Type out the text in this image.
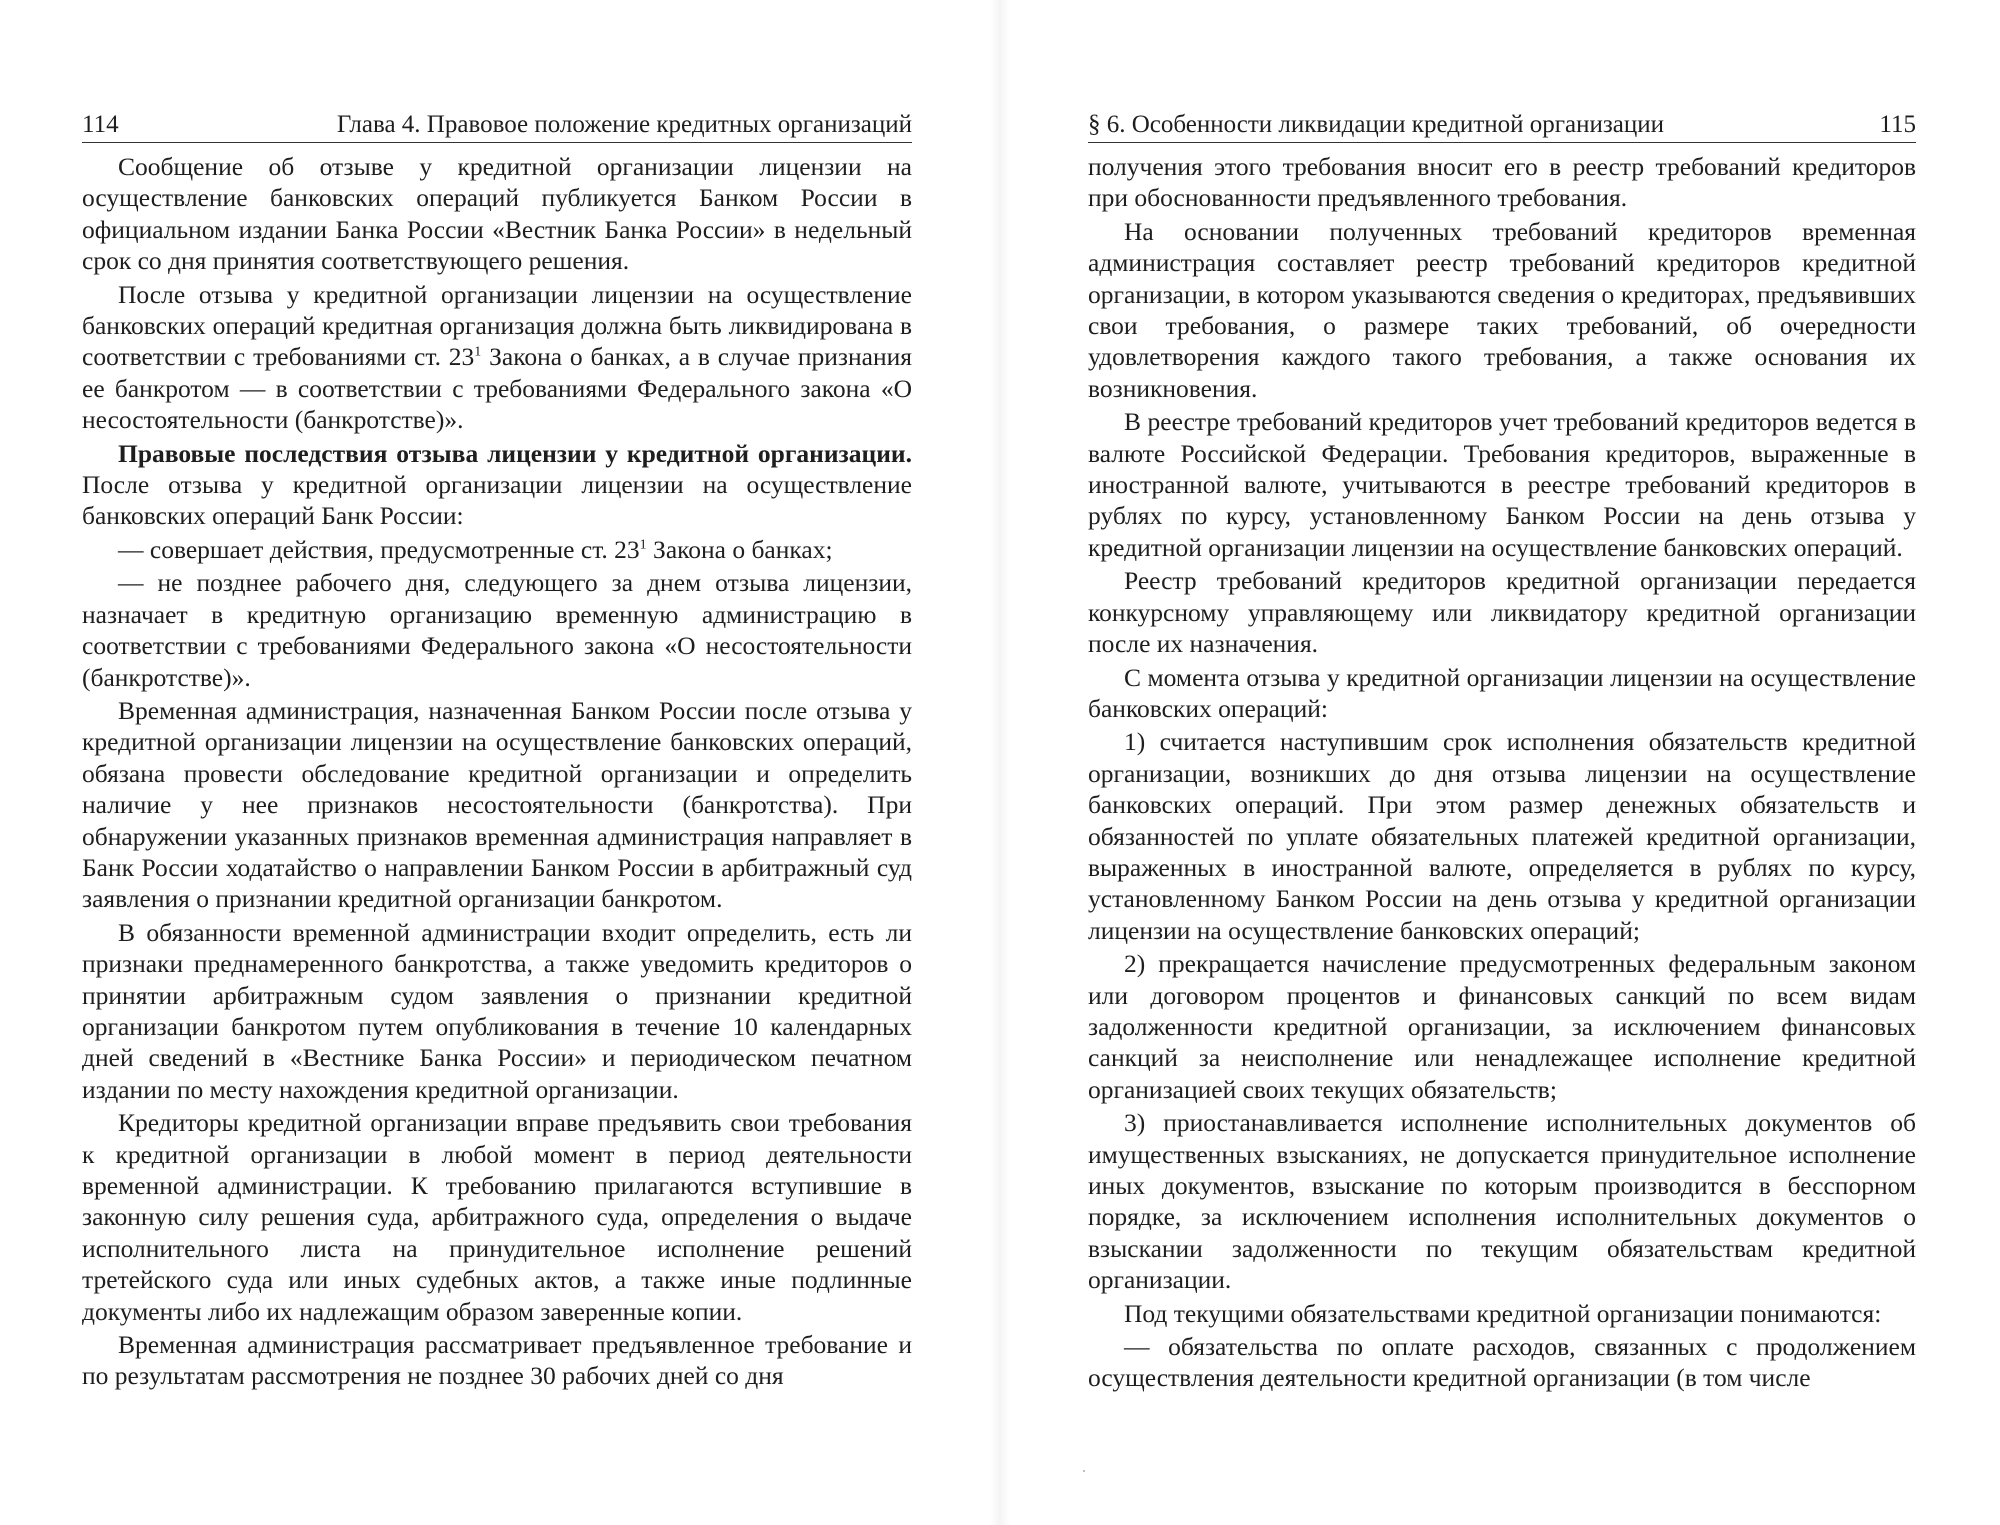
114	Глава 4. Правовое положение кредитных организаций

Сообщение об отзыве у кредитной организации лицензии на осуществление банковских операций публикуется Банком России в официальном издании Банка России «Вестник Банка России» в недельный срок со дня принятия соответствующего решения.

После отзыва у кредитной организации лицензии на осуществление банковских операций кредитная организация должна быть ликвидирована в соответствии с требованиями ст. $23^1$ Закона о банках, а в случае признания ее банкротом — в соответствии с требованиями Федерального закона «О несостоятельности (банкротстве)».

Правовые последствия отзыва лицензии у кредитной организации. После отзыва у кредитной организации лицензии на осуществление банковских операций Банк России:

— совершает действия, предусмотренные ст. $23^1$ Закона о банках;

— не позднее рабочего дня, следующего за днем отзыва лицензии, назначает в кредитную организацию временную администрацию в соответствии с требованиями Федерального закона «О несостоятельности (банкротстве)».

Временная администрация, назначенная Банком России после отзыва у кредитной организации лицензии на осуществление банковских операций, обязана провести обследование кредитной организации и определить наличие у нее признаков несостоятельности (банкротства). При обнаружении указанных признаков временная администрация направляет в Банк России ходатайство о направлении Банком России в арбитражный суд заявления о признании кредитной организации банкротом.

В обязанности временной администрации входит определить, есть ли признаки преднамеренного банкротства, а также уведомить кредиторов о принятии арбитражным судом заявления о признании кредитной организации банкротом путем опубликования в течение 10 календарных дней сведений в «Вестнике Банка России» и периодическом печатном издании по месту нахождения кредитной организации.

Кредиторы кредитной организации вправе предъявить свои требования к кредитной организации в любой момент в период деятельности временной администрации. К требованию прилагаются вступившие в законную силу решения суда, арбитражного суда, определения о выдаче исполнительного листа на принудительное исполнение решений третейского суда или иных судебных актов, а также иные подлинные документы либо их надлежащим образом заверенные копии.

Временная администрация рассматривает предъявленное требование и по результатам рассмотрения не позднее 30 рабочих дней со дня

§ 6. Особенности ликвидации кредитной организации	115

получения этого требования вносит его в реестр требований кредиторов при обоснованности предъявленного требования.

На основании полученных требований кредиторов временная администрация составляет реестр требований кредиторов кредитной организации, в котором указываются сведения о кредиторах, предъявивших свои требования, о размере таких требований, об очередности удовлетворения каждого такого требования, а также основания их возникновения.

В реестре требований кредиторов учет требований кредиторов ведется в валюте Российской Федерации. Требования кредиторов, выраженные в иностранной валюте, учитываются в реестре требований кредиторов в рублях по курсу, установленному Банком России на день отзыва у кредитной организации лицензии на осуществление банковских операций.

Реестр требований кредиторов кредитной организации передается конкурсному управляющему или ликвидатору кредитной организации после их назначения.

С момента отзыва у кредитной организации лицензии на осуществление банковских операций:

1) считается наступившим срок исполнения обязательств кредитной организации, возникших до дня отзыва лицензии на осуществление банковских операций. При этом размер денежных обязательств и обязанностей по уплате обязательных платежей кредитной организации, выраженных в иностранной валюте, определяется в рублях по курсу, установленному Банком России на день отзыва у кредитной организации лицензии на осуществление банковских операций;

2) прекращается начисление предусмотренных федеральным законом или договором процентов и финансовых санкций по всем видам задолженности кредитной организации, за исключением финансовых санкций за неисполнение или ненадлежащее исполнение кредитной организацией своих текущих обязательств;

3) приостанавливается исполнение исполнительных документов об имущественных взысканиях, не допускается принудительное исполнение иных документов, взыскание по которым производится в бесспорном порядке, за исключением исполнения исполнительных документов о взыскании задолженности по текущим обязательствам кредитной организации.

Под текущими обязательствами кредитной организации понимаются:

— обязательства по оплате расходов, связанных с продолжением осуществления деятельности кредитной организации (в том числе
